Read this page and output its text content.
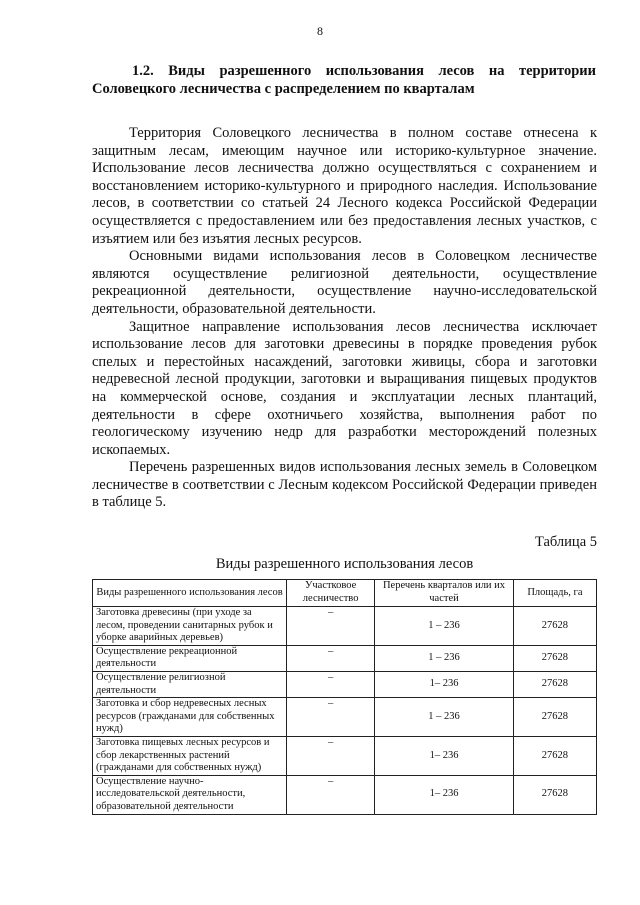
8
1.2. Виды разрешенного использования лесов на территории Соловецкого лесничества с распределением по кварталам

Территория Соловецкого лесничества в полном составе отнесена к защитным лесам, имеющим научное или историко-культурное значение. Использование лесов лесничества должно осуществляться с сохранением и восстановлением историко-культурного и природного наследия. Использование лесов, в соответствии со статьей 24 Лесного кодекса Российской Федерации осуществляется с предоставлением или без предоставления лесных участков, с изъятием или без изъятия лесных ресурсов.

Основными видами использования лесов в Соловецком лесничестве являются осуществление религиозной деятельности, осуществление рекреационной деятельности, осуществление научно-исследовательской деятельности, образовательной деятельности.

Защитное направление использования лесов лесничества исключает использование лесов для заготовки древесины в порядке проведения рубок спелых и перестойных насаждений, заготовки живицы, сбора и заготовки недревесной лесной продукции, заготовки и выращивания пищевых продуктов на коммерческой основе, создания и эксплуатации лесных плантаций, деятельности в сфере охотничьего хозяйства, выполнения работ по геологическому изучению недр для разработки месторождений полезных ископаемых.

Перечень разрешенных видов использования лесных земель в Соловецком лесничестве в соответствии с Лесным кодексом Российской Федерации приведен в таблице 5.

Таблица 5
Виды разрешенного использования лесов
Виды разрешенного использования лесов	Участковое лесничество	Перечень кварталов или их частей	Площадь, га
Заготовка древесины (при уходе за лесом, проведении санитарных рубок и уборке аварийных деревьев)	–	1 – 236	27628
Осуществление рекреационной деятельности	–	1 – 236	27628
Осуществление религиозной деятельности	–	1– 236	27628
Заготовка и сбор недревесных лесных ресурсов (гражданами для собственных нужд)	–	1 – 236	27628
Заготовка пищевых лесных ресурсов и сбор лекарственных растений (гражданами для собственных нужд)	–	1– 236	27628
Осуществление научно-исследовательской деятельности, образовательной деятельности	–	1– 236	27628
